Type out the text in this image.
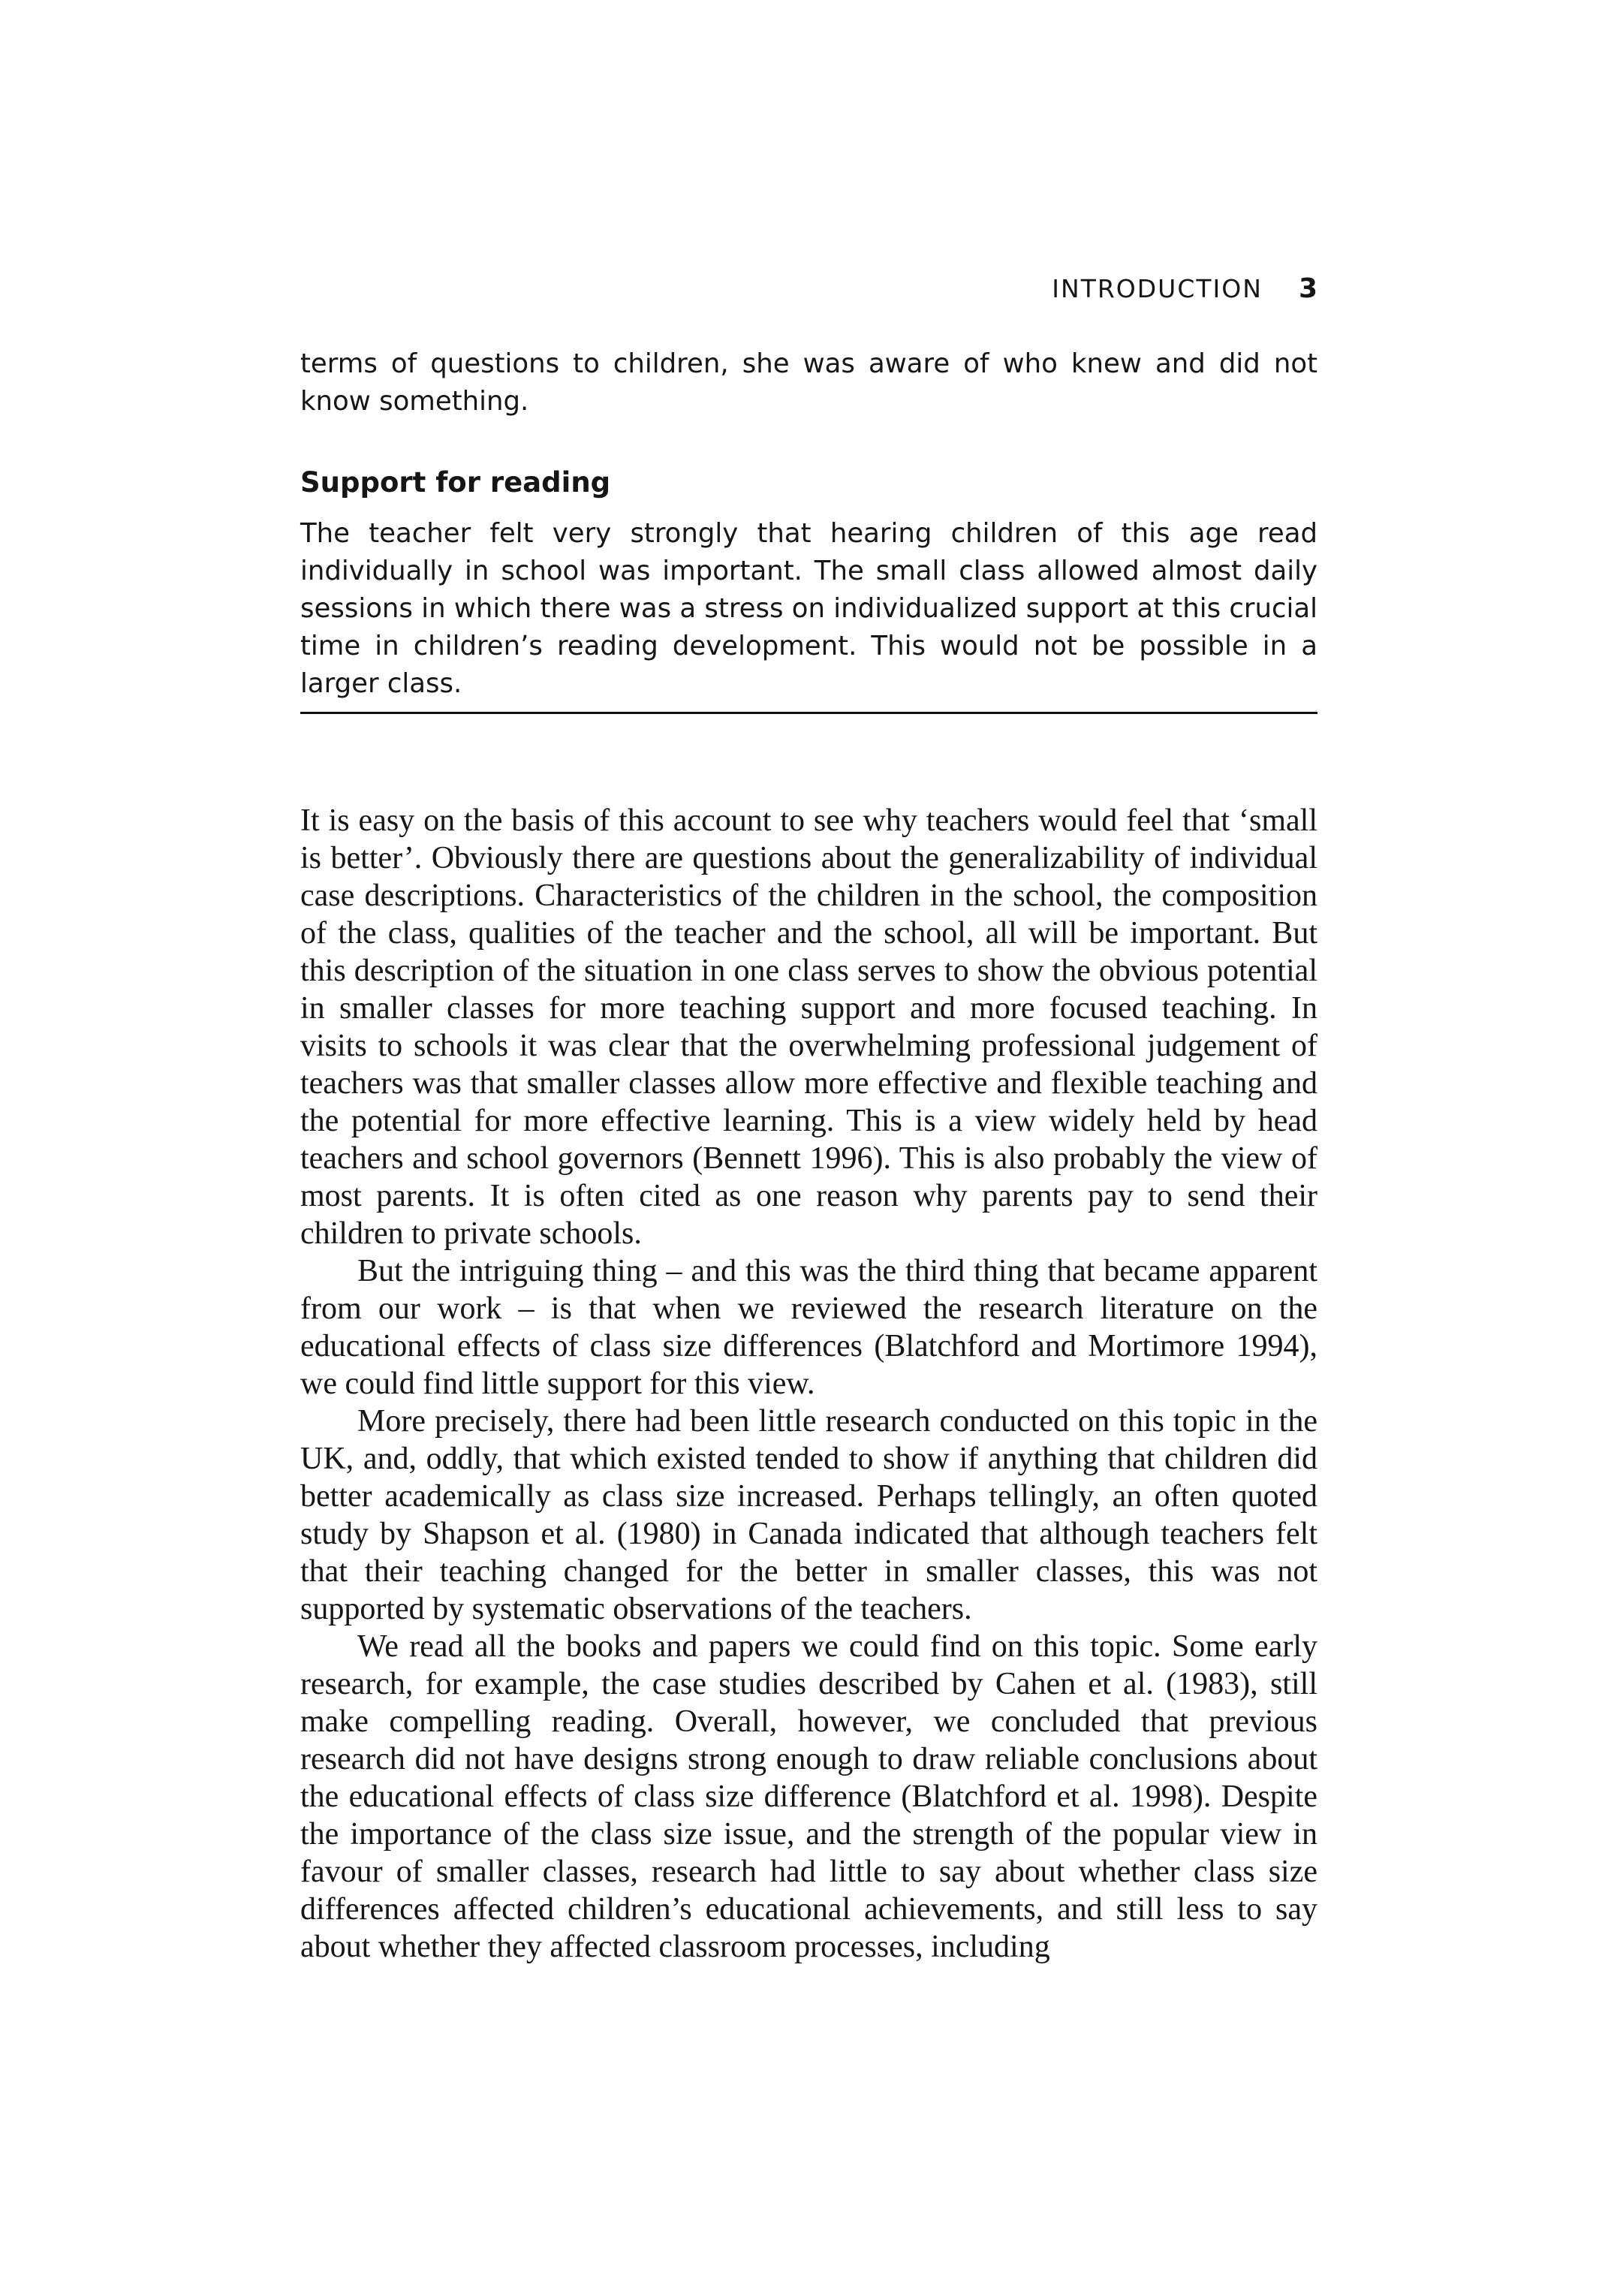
INTRODUCTION 3

terms of questions to children, she was aware of who knew and did not know something.

Support for reading

The teacher felt very strongly that hearing children of this age read individually in school was important. The small class allowed almost daily sessions in which there was a stress on individualized support at this crucial time in children’s reading development. This would not be possible in a larger class.

It is easy on the basis of this account to see why teachers would feel that ‘small is better’. Obviously there are questions about the generalizability of individual case descriptions. Characteristics of the children in the school, the composition of the class, qualities of the teacher and the school, all will be important. But this description of the situation in one class serves to show the obvious potential in smaller classes for more teaching support and more focused teaching. In visits to schools it was clear that the overwhelming professional judgement of teachers was that smaller classes allow more effective and flexible teaching and the potential for more effective learning. This is a view widely held by head teachers and school governors (Bennett 1996). This is also probably the view of most parents. It is often cited as one reason why parents pay to send their children to private schools.

But the intriguing thing – and this was the third thing that became apparent from our work – is that when we reviewed the research literature on the educational effects of class size differences (Blatchford and Mortimore 1994), we could find little support for this view.

More precisely, there had been little research conducted on this topic in the UK, and, oddly, that which existed tended to show if anything that children did better academically as class size increased. Perhaps tellingly, an often quoted study by Shapson et al. (1980) in Canada indicated that although teachers felt that their teaching changed for the better in smaller classes, this was not supported by systematic observations of the teachers.

We read all the books and papers we could find on this topic. Some early research, for example, the case studies described by Cahen et al. (1983), still make compelling reading. Overall, however, we concluded that previous research did not have designs strong enough to draw reliable conclusions about the educational effects of class size difference (Blatchford et al. 1998). Despite the importance of the class size issue, and the strength of the popular view in favour of smaller classes, research had little to say about whether class size differences affected children’s educational achievements, and still less to say about whether they affected classroom processes, including
